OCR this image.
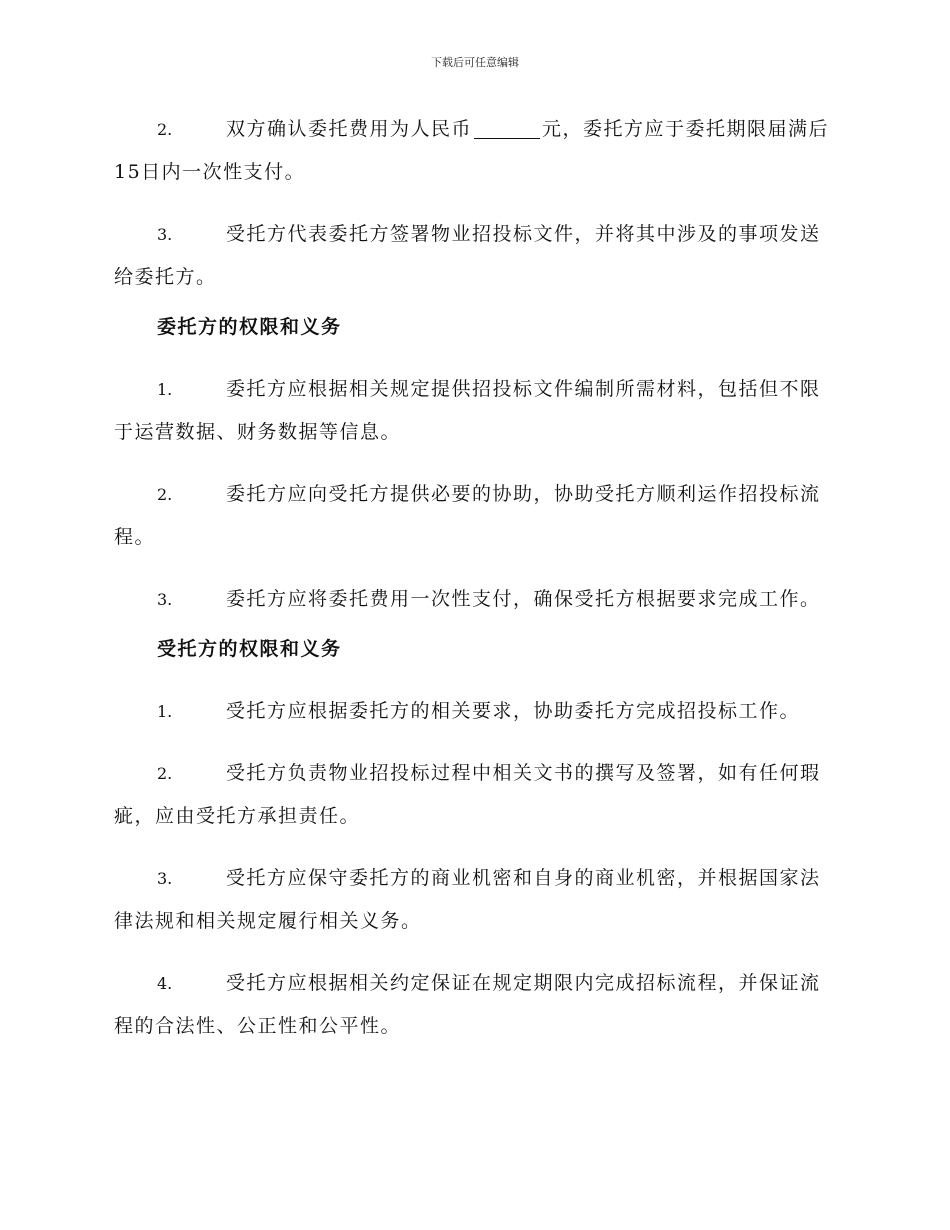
下载后可任意编辑

2.	双方确认委托费用为人民币	元，委托方应于委托期限届满后15日内一次性支付。

3.	受托方代表委托方签署物业招投标文件，并将其中涉及的事项发送给委托方。

委托方的权限和义务

1.	委托方应根据相关规定提供招投标文件编制所需材料，包括但不限于运营数据、财务数据等信息。

2.	委托方应向受托方提供必要的协助，协助受托方顺利运作招投标流程。

3.	委托方应将委托费用一次性支付，确保受托方根据要求完成工作。

受托方的权限和义务

1.	受托方应根据委托方的相关要求，协助委托方完成招投标工作。

2.	受托方负责物业招投标过程中相关文书的撰写及签署，如有任何瑕疵，应由受托方承担责任。

3.	受托方应保守委托方的商业机密和自身的商业机密，并根据国家法律法规和相关规定履行相关义务。

4.	受托方应根据相关约定保证在规定期限内完成招标流程，并保证流程的合法性、公正性和公平性。
